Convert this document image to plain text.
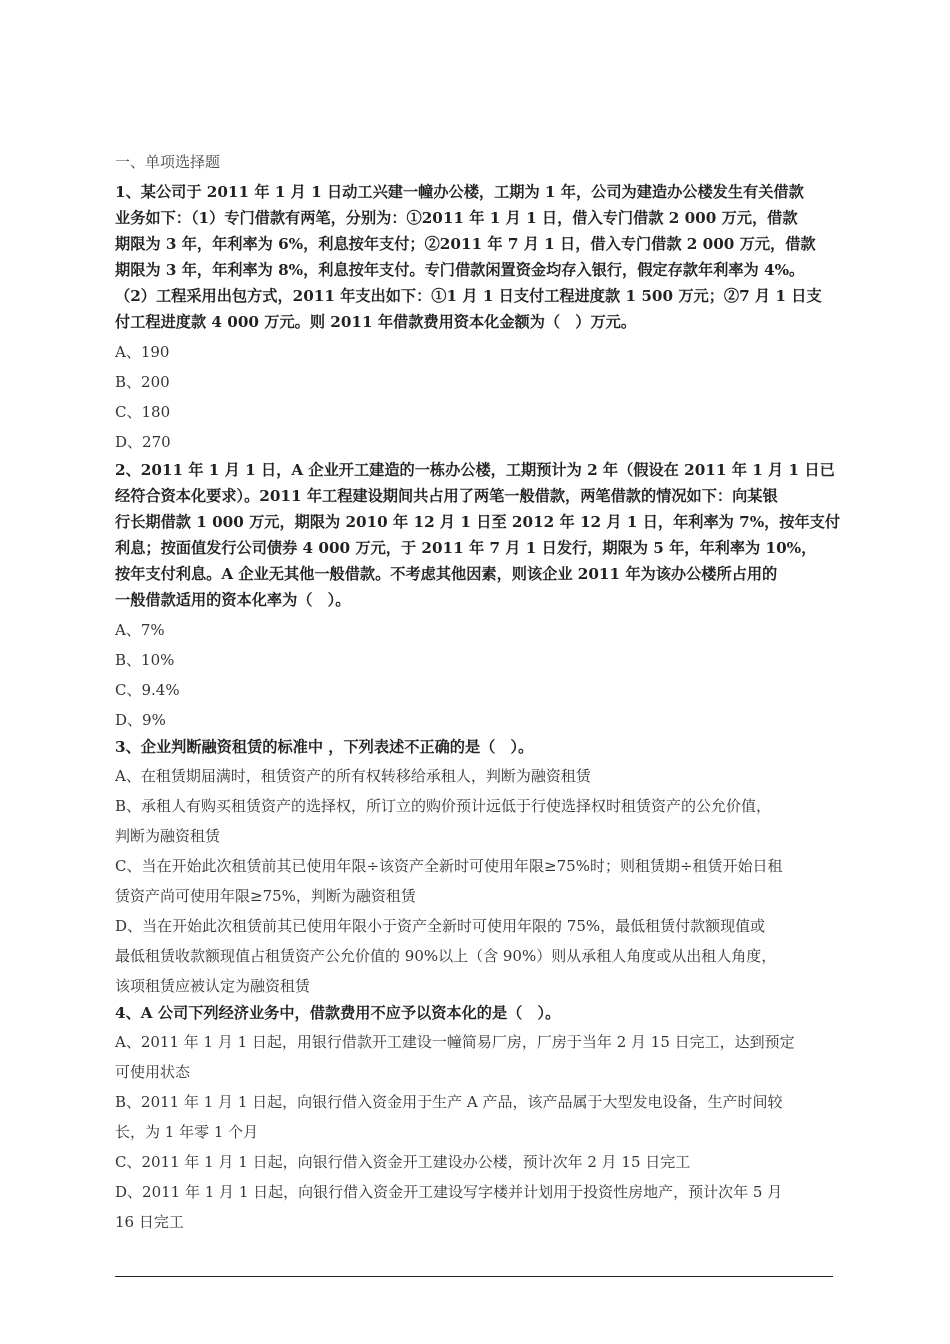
一、单项选择题
1、某公司于 2011 年 1 月 1 日动工兴建一幢办公楼，工期为 1 年，公司为建造办公楼发生有关借款
业务如下：（1）专门借款有两笔，分别为：①2011 年 1 月 1 日，借入专门借款 2 000 万元，借款
期限为 3 年，年利率为 6%，利息按年支付；②2011 年 7 月 1 日，借入专门借款 2 000 万元，借款
期限为 3 年，年利率为 8%，利息按年支付。专门借款闲置资金均存入银行，假定存款年利率为 4%。
（2）工程采用出包方式，2011 年支出如下：①1 月 1 日支付工程进度款 1 500 万元；②7 月 1 日支
付工程进度款 4 000 万元。则 2011 年借款费用资本化金额为（　）万元。
A、190
B、200
C、180
D、270
2、2011 年 1 月 1 日，A 企业开工建造的一栋办公楼，工期预计为 2 年（假设在 2011 年 1 月 1 日已
经符合资本化要求）。2011 年工程建设期间共占用了两笔一般借款，两笔借款的情况如下：向某银
行长期借款 1 000 万元，期限为 2010 年 12 月 1 日至 2012 年 12 月 1 日，年利率为 7%，按年支付
利息；按面值发行公司债券 4 000 万元，于 2011 年 7 月 1 日发行，期限为 5 年，年利率为 10%，
按年支付利息。A 企业无其他一般借款。不考虑其他因素，则该企业 2011 年为该办公楼所占用的
一般借款适用的资本化率为（　）。
A、7%
B、10%
C、9.4%
D、9%
3、企业判断融资租赁的标准中 ，下列表述不正确的是（　）。
A、在租赁期届满时，租赁资产的所有权转移给承租人，判断为融资租赁
B、承租人有购买租赁资产的选择权，所订立的购价预计远低于行使选择权时租赁资产的公允价值，
判断为融资租赁
C、当在开始此次租赁前其已使用年限÷该资产全新时可使用年限≥75%时；则租赁期÷租赁开始日租
赁资产尚可使用年限≥75%，判断为融资租赁
D、当在开始此次租赁前其已使用年限小于资产全新时可使用年限的 75%，最低租赁付款额现值或
最低租赁收款额现值占租赁资产公允价值的 90%以上（含 90%）则从承租人角度或从出租人角度，
该项租赁应被认定为融资租赁
4、A 公司下列经济业务中，借款费用不应予以资本化的是（　）。
A、2011 年 1 月 1 日起，用银行借款开工建设一幢简易厂房，厂房于当年 2 月 15 日完工，达到预定
可使用状态
B、2011 年 1 月 1 日起，向银行借入资金用于生产 A 产品，该产品属于大型发电设备，生产时间较
长，为 1 年零 1 个月
C、2011 年 1 月 1 日起，向银行借入资金开工建设办公楼，预计次年 2 月 15 日完工
D、2011 年 1 月 1 日起，向银行借入资金开工建设写字楼并计划用于投资性房地产，预计次年 5 月
16 日完工
